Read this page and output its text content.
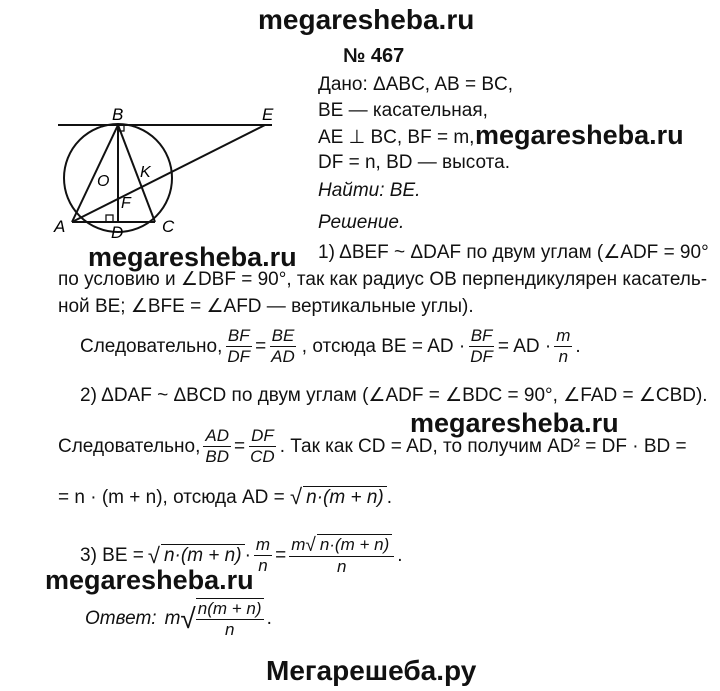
megaresheba.ru
№ 467
Дано: ΔABC, AB = BC,
BE — касательная,
AE ⊥ BC, BF = m,
DF = n, BD — высота.
Найти: BE.
megaresheba.ru
B	E
O
K
F
A	D C	Решение.
megaresheba.ru 1) ΔBEF ~ ΔDAF по двум углам (∠ADF = 90°
по условию и ∠DBF = 90°, так как радиус OB перпендикулярен касатель-
ной BE; ∠BFE = ∠AFD — вертикальные углы).
Следовательно, $\frac{BF}{DF} = \frac{BE}{AD}$ , отсюда BE = AD · $\frac{BF}{DF}$ = AD · $\frac{m}{n}$ .
2) ΔDAF ~ ΔBCD по двум углам (∠ADF = ∠BDC = 90°, ∠FAD = ∠CBD).
megaresheba.ru
Следовательно, $\frac{AD}{BD} = \frac{DF}{CD}$ . Так как CD = AD, то получим AD² = DF · BD =
= n · (m + n), отсюда AD = √ n·(m + n) .
3) BE = √ $n\cdot(m + n) \cdot \frac{m}{n} = \frac{m√ n\cdot(m + n)}{n}$ .
megaresheba.ru
Ответ: m √ $\frac{n(m + n)}{n}$ .
Мегарешеба.ру
